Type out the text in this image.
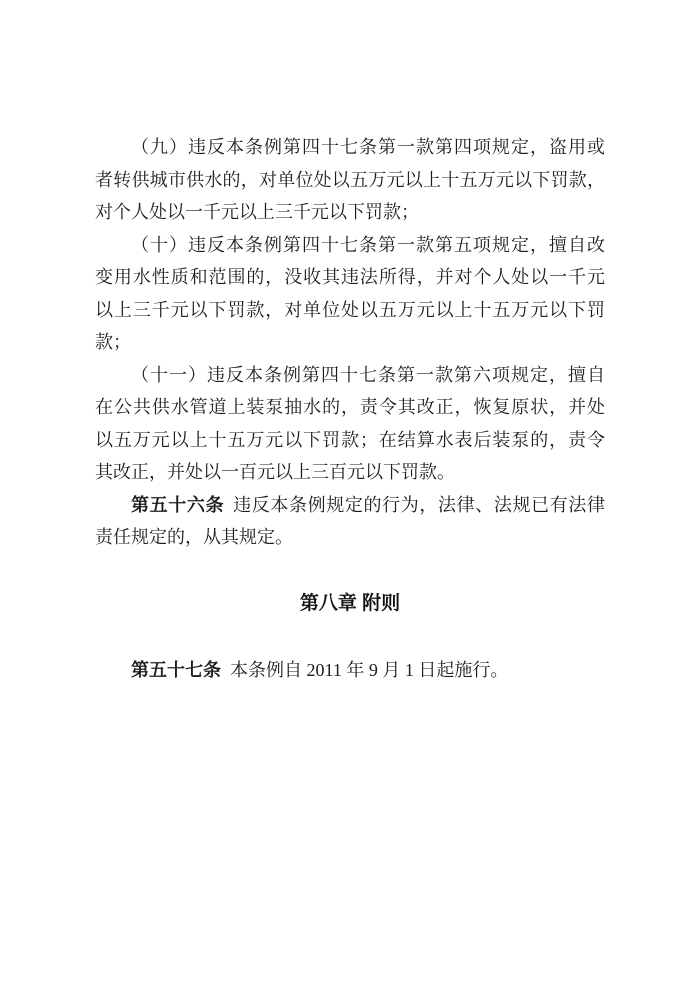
（九）违反本条例第四十七条第一款第四项规定，盗用或
者转供城市供水的，对单位处以五万元以上十五万元以下罚款，
对个人处以一千元以上三千元以下罚款；
（十）违反本条例第四十七条第一款第五项规定，擅自改
变用水性质和范围的，没收其违法所得，并对个人处以一千元
以上三千元以下罚款，对单位处以五万元以上十五万元以下罚
款；
（十一）违反本条例第四十七条第一款第六项规定，擅自
在公共供水管道上装泵抽水的，责令其改正，恢复原状，并处
以五万元以上十五万元以下罚款；在结算水表后装泵的，责令
其改正，并处以一百元以上三百元以下罚款。
第五十六条 违反本条例规定的行为，法律、法规已有法律
责任规定的，从其规定。
第八章 附则

第五十七条 本条例自 2011 年 9 月 1 日起施行。
